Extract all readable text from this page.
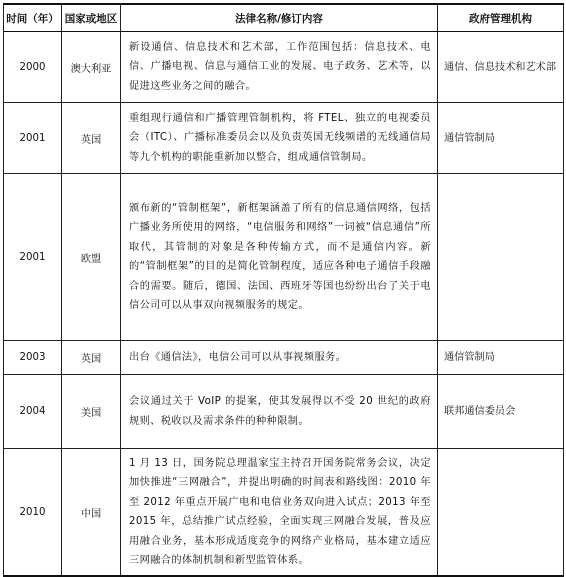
时间（年）	国家或地区	法律名称/修订内容	政府管理机构
2000	澳大利亚	新设通信、信息技术和艺术部，工作范围包括：信息技术、电信、广播电视、信息与通信工业的发展、电子政务、艺术等，以促进这些业务之间的融合。	通信、信息技术和艺术部
2001	英国	重组现行通信和广播管理管制机构，将 FTEL、独立的电视委员会（ITC）、广播标准委员会以及负责英国无线频谱的无线通信局等九个机构的职能重新加以整合，组成通信管制局。	通信管制局
2001	欧盟	颁布新的“管制框架”，新框架涵盖了所有的信息通信网络，包括广播业务所使用的网络，“电信服务和网络”一词被“信息通信”所取代，其管制的对象是各种传输方式，而不是通信内容。新的“管制框架”的目的是简化管制程度，适应各种电子通信手段融合的需要。随后，德国、法国、西班牙等国也纷纷出台了关于电信公司可以从事双向视频服务的规定。	
2003	英国	出台《通信法》，电信公司可以从事视频服务。	通信管制局
2004	美国	会议通过关于 VoIP 的提案，使其发展得以不受 20 世纪的政府规则、税收以及需求条件的种种限制。	联邦通信委员会
2010	中国	1 月 13 日，国务院总理温家宝主持召开国务院常务会议，决定加快推进“三网融合”，并提出明确的时间表和路线图：2010 年至 2012 年重点开展广电和电信业务双向进入试点；2013 年至 2015 年，总结推广试点经验，全面实现三网融合发展，普及应用融合业务，基本形成适度竞争的网络产业格局，基本建立适应三网融合的体制机制和新型监管体系。	
